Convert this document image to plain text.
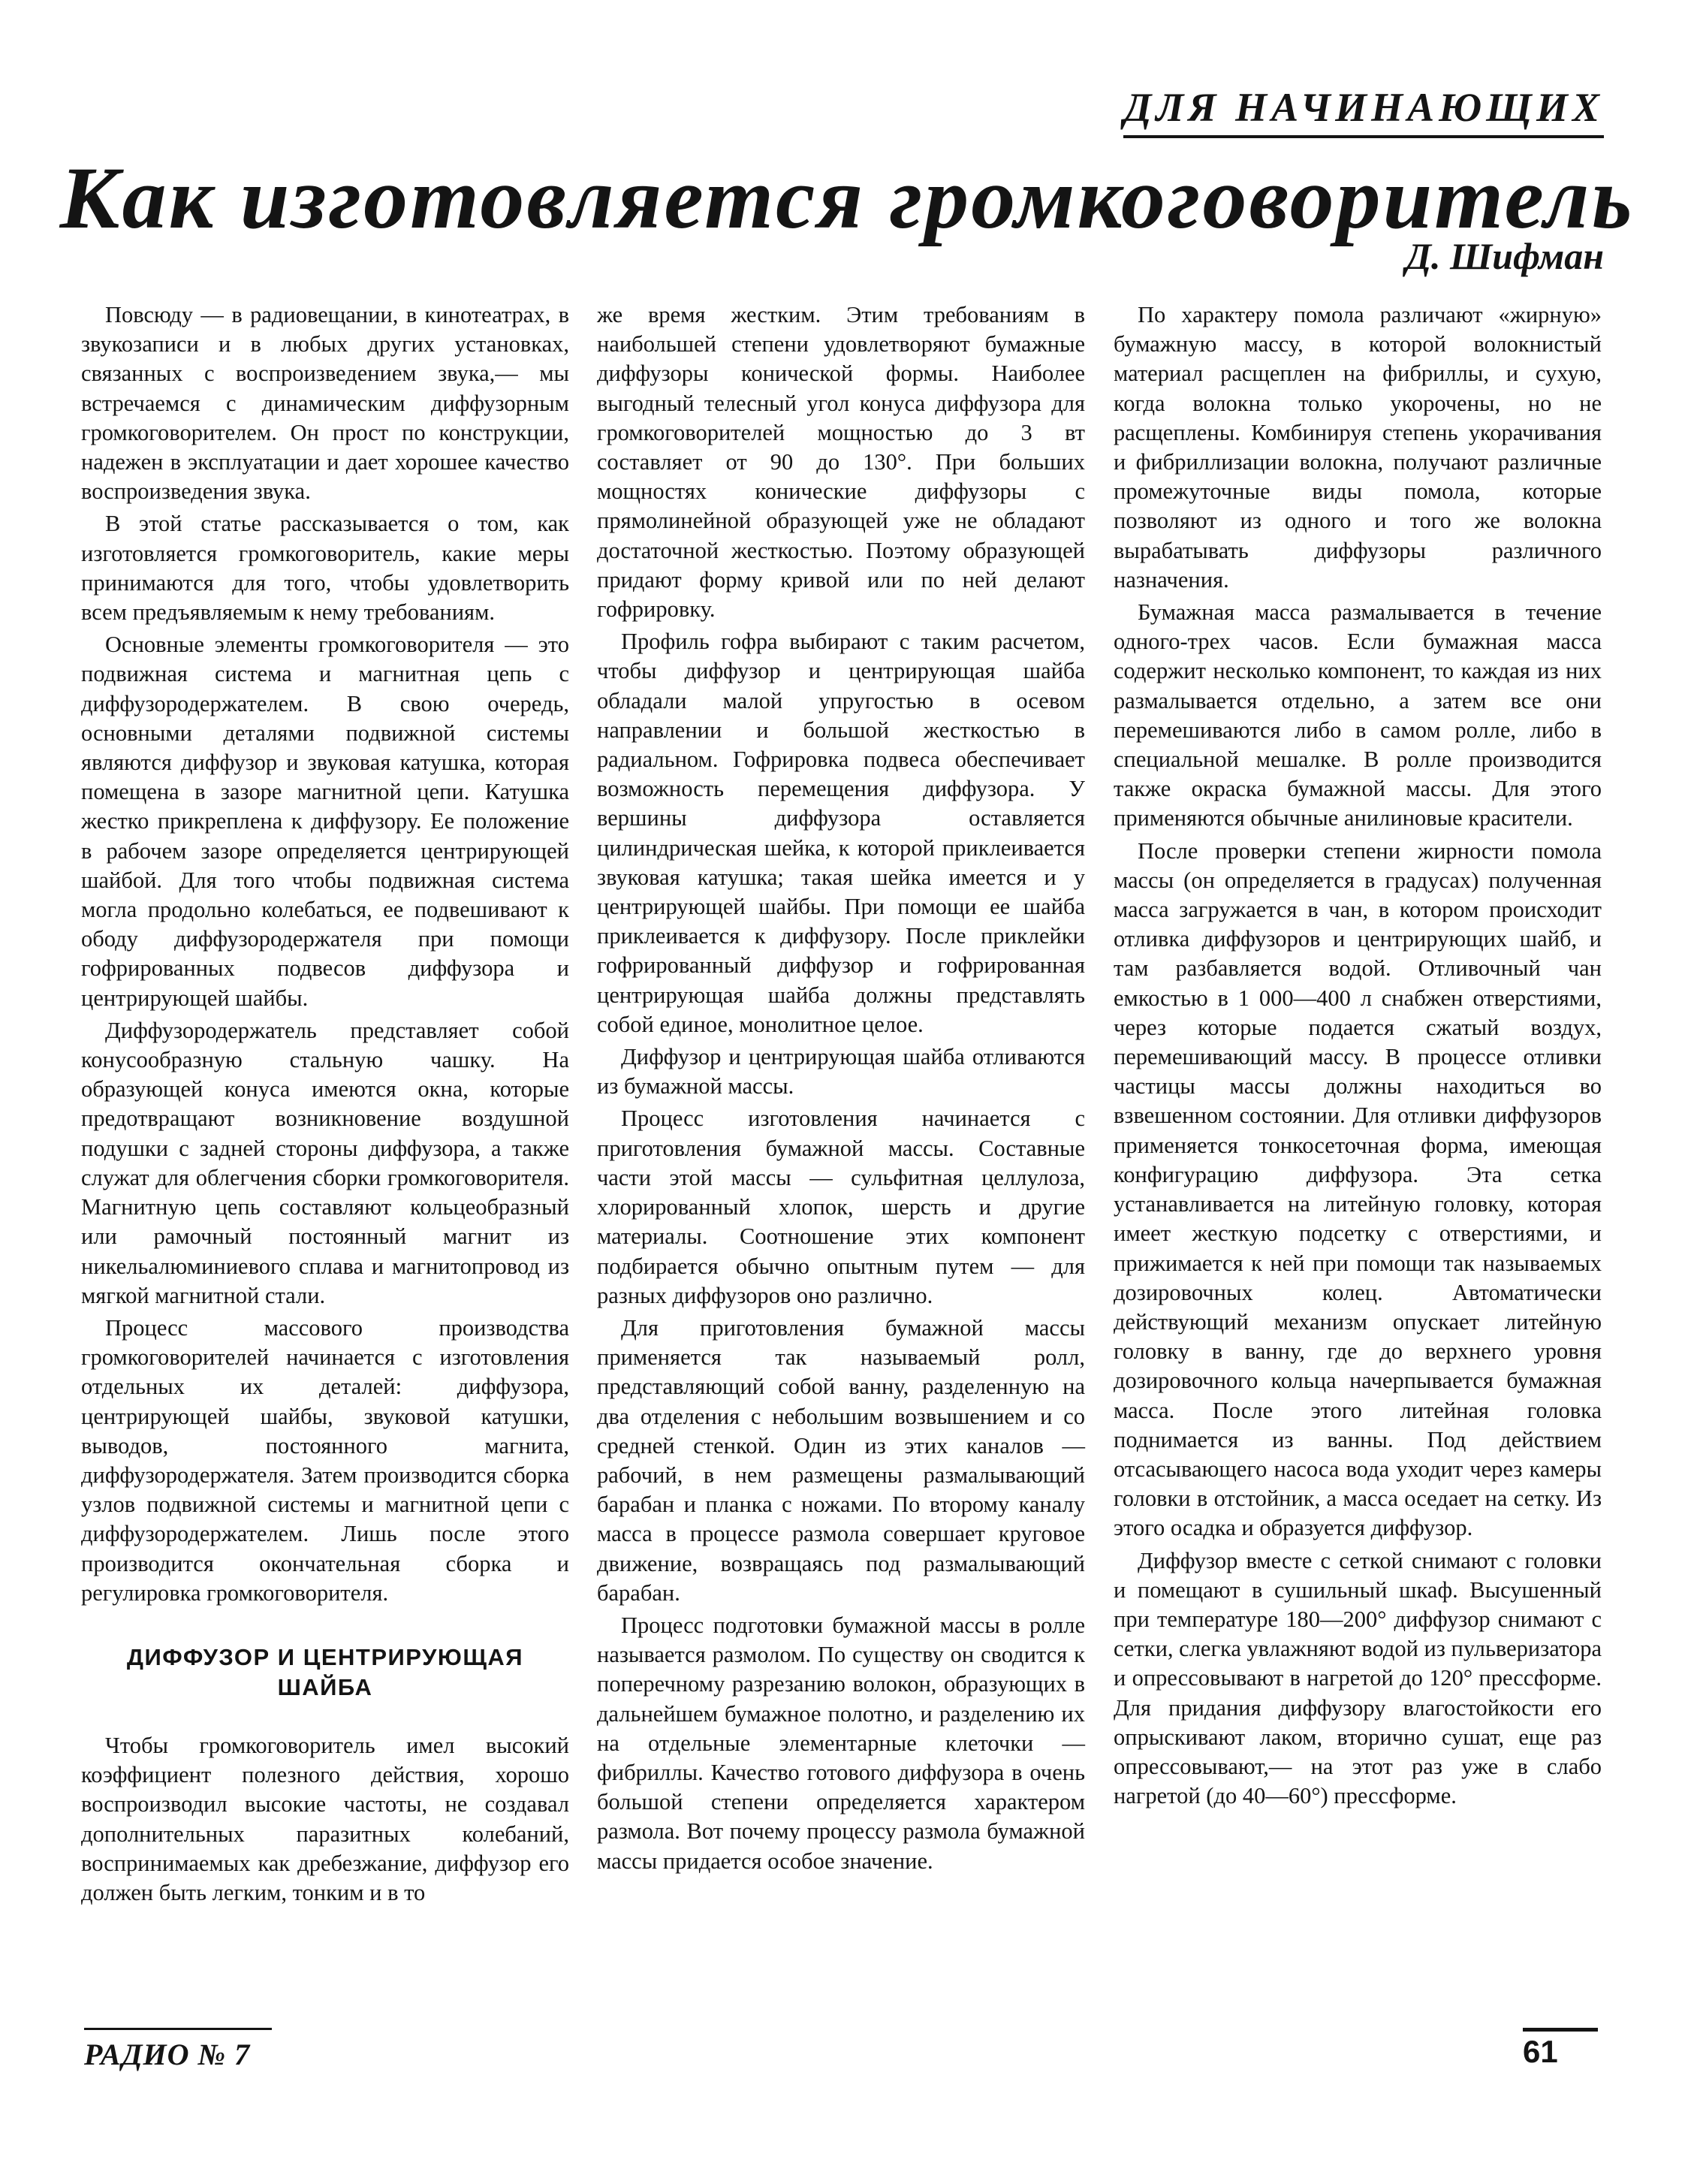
ДЛЯ НАЧИНАЮЩИХ
Как изготовляется громкоговоритель
Д. Шифман

Повсюду — в радиовещании, в кинотеатрах, в звукозаписи и в любых других установках, связанных с воспроизведением звука,— мы встречаемся с динамическим диффузорным громкоговорителем. Он прост по конструкции, надежен в эксплуатации и дает хорошее качество воспроизведения звука.

В этой статье рассказывается о том, как изготовляется громкоговоритель, какие меры принимаются для того, чтобы удовлетворить всем предъявляемым к нему требованиям.

Основные элементы громкоговорителя — это подвижная система и магнитная цепь с диффузородержателем. В свою очередь, основными деталями подвижной системы являются диффузор и звуковая катушка, которая помещена в зазоре магнитной цепи. Катушка жестко прикреплена к диффузору. Ее положение в рабочем зазоре определяется центрирующей шайбой. Для того чтобы подвижная система могла продольно колебаться, ее подвешивают к ободу диффузородержателя при помощи гофрированных подвесов диффузора и центрирующей шайбы.

Диффузородержатель представляет собой конусообразную стальную чашку. На образующей конуса имеются окна, которые предотвращают возникновение воздушной подушки с задней стороны диффузора, а также служат для облегчения сборки громкоговорителя. Магнитную цепь составляют кольцеобразный или рамочный постоянный магнит из никельалюминиевого сплава и магнитопровод из мягкой магнитной стали.

Процесс массового производства громкоговорителей начинается с изготовления отдельных их деталей: диффузора, центрирующей шайбы, звуковой катушки, выводов, постоянного магнита, диффузородержателя. Затем производится сборка узлов подвижной системы и магнитной цепи с диффузородержателем. Лишь после этого производится окончательная сборка и регулировка громкоговорителя.

ДИФФУЗОР И ЦЕНТРИРУЮЩАЯ ШАЙБА

Чтобы громкоговоритель имел высокий коэффициент полезного действия, хорошо воспроизводил высокие частоты, не создавал дополнительных паразитных колебаний, воспринимаемых как дребезжание, диффузор его должен быть легким, тонким и в то

же время жестким. Этим требованиям в наибольшей степени удовлетворяют бумажные диффузоры конической формы. Наиболее выгодный телесный угол конуса диффузора для громкоговорителей мощностью до 3 вт составляет от 90 до 130°. При больших мощностях конические диффузоры с прямолинейной образующей уже не обладают достаточной жесткостью. Поэтому образующей придают форму кривой или по ней делают гофрировку.

Профиль гофра выбирают с таким расчетом, чтобы диффузор и центрирующая шайба обладали малой упругостью в осевом направлении и большой жесткостью в радиальном. Гофрировка подвеса обеспечивает возможность перемещения диффузора. У вершины диффузора оставляется цилиндрическая шейка, к которой приклеивается звуковая катушка; такая шейка имеется и у центрирующей шайбы. При помощи ее шайба приклеивается к диффузору. После приклейки гофрированный диффузор и гофрированная центрирующая шайба должны представлять собой единое, монолитное целое.

Диффузор и центрирующая шайба отливаются из бумажной массы.

Процесс изготовления начинается с приготовления бумажной массы. Составные части этой массы — сульфитная целлулоза, хлорированный хлопок, шерсть и другие материалы. Соотношение этих компонент подбирается обычно опытным путем — для разных диффузоров оно различно.

Для приготовления бумажной массы применяется так называемый ролл, представляющий собой ванну, разделенную на два отделения с небольшим возвышением и со средней стенкой. Один из этих каналов — рабочий, в нем размещены размалывающий барабан и планка с ножами. По второму каналу масса в процессе размола совершает круговое движение, возвращаясь под размалывающий барабан.

Процесс подготовки бумажной массы в ролле называется размолом. По существу он сводится к поперечному разрезанию волокон, образующих в дальнейшем бумажное полотно, и разделению их на отдельные элементарные клеточки — фибриллы. Качество готового диффузора в очень большой степени определяется характером размола. Вот почему процессу размола бумажной массы придается особое значение.

По характеру помола различают «жирную» бумажную массу, в которой волокнистый материал расщеплен на фибриллы, и сухую, когда волокна только укорочены, но не расщеплены. Комбинируя степень укорачивания и фибриллизации волокна, получают различные промежуточные виды помола, которые позволяют из одного и того же волокна вырабатывать диффузоры различного назначения.

Бумажная масса размалывается в течение одного-трех часов. Если бумажная масса содержит несколько компонент, то каждая из них размалывается отдельно, а затем все они перемешиваются либо в самом ролле, либо в специальной мешалке. В ролле производится также окраска бумажной массы. Для этого применяются обычные анилиновые красители.

После проверки степени жирности помола массы (он определяется в градусах) полученная масса загружается в чан, в котором происходит отливка диффузоров и центрирующих шайб, и там разбавляется водой. Отливочный чан емкостью в 1 000—400 л снабжен отверстиями, через которые подается сжатый воздух, перемешивающий массу. В процессе отливки частицы массы должны находиться во взвешенном состоянии. Для отливки диффузоров применяется тонкосеточная форма, имеющая конфигурацию диффузора. Эта сетка устанавливается на литейную головку, которая имеет жесткую подсетку с отверстиями, и прижимается к ней при помощи так называемых дозировочных колец. Автоматически действующий механизм опускает литейную головку в ванну, где до верхнего уровня дозировочного кольца начерпывается бумажная масса. После этого литейная головка поднимается из ванны. Под действием отсасывающего насоса вода уходит через камеры головки в отстойник, а масса оседает на сетку. Из этого осадка и образуется диффузор.

Диффузор вместе с сеткой снимают с головки и помещают в сушильный шкаф. Высушенный при температуре 180—200° диффузор снимают с сетки, слегка увлажняют водой из пульверизатора и опрессовывают в нагретой до 120° прессформе. Для придания диффузору влагостойкости его опрыскивают лаком, вторично сушат, еще раз опрессовывают,— на этот раз уже в слабо нагретой (до 40—60°) прессформе.

РАДИО № 7	61
